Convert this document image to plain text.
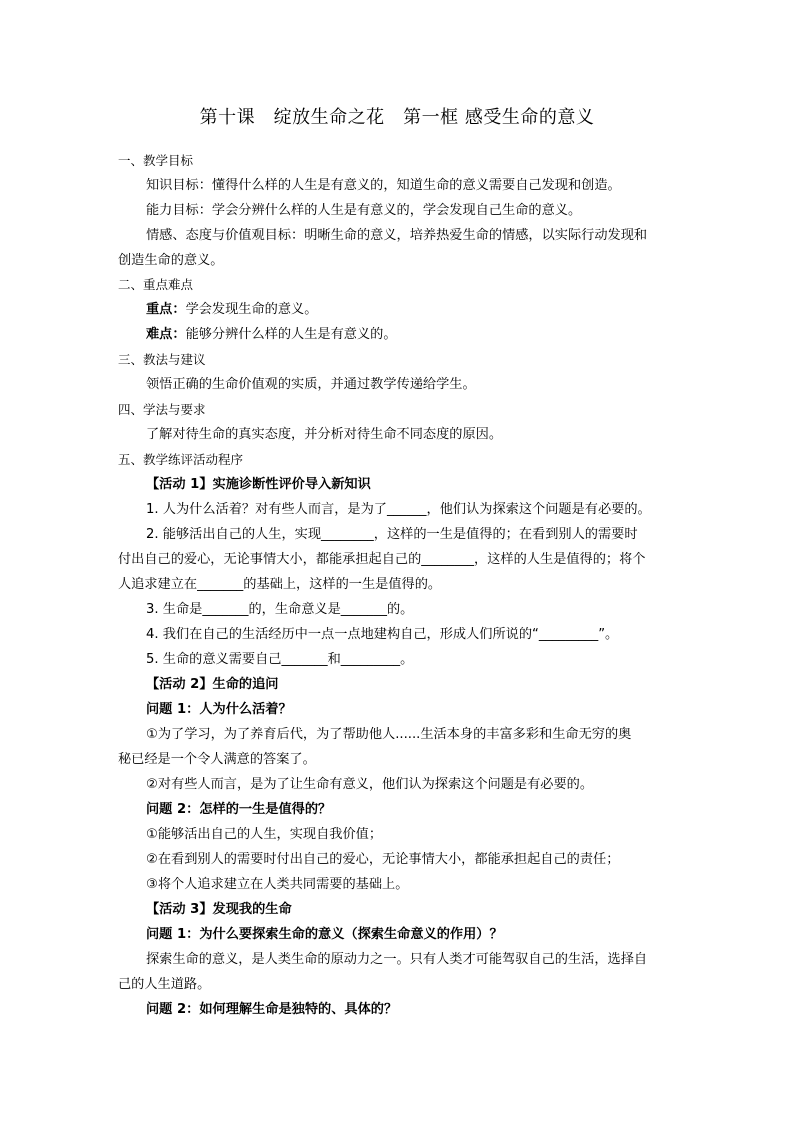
第十课　绽放生命之花　第一框 感受生命的意义
一、教学目标
知识目标：懂得什么样的人生是有意义的，知道生命的意义需要自己发现和创造。
能力目标：学会分辨什么样的人生是有意义的，学会发现自己生命的意义。
情感、态度与价值观目标：明晰生命的意义，培养热爱生命的情感，以实际行动发现和
创造生命的意义。
二、重点难点
重点：学会发现生命的意义。
难点：能够分辨什么样的人生是有意义的。
三、教法与建议
领悟正确的生命价值观的实质，并通过教学传递给学生。
四、学法与要求
了解对待生命的真实态度，并分析对待生命不同态度的原因。
五、教学练评活动程序
【活动 1】实施诊断性评价导入新知识
1. 人为什么活着？对有些人而言，是为了______，他们认为探索这个问题是有必要的。
2. 能够活出自己的人生，实现________，这样的一生是值得的；在看到别人的需要时
付出自己的爱心，无论事情大小，都能承担起自己的________，这样的人生是值得的；将个
人追求建立在_______的基础上，这样的一生是值得的。
3. 生命是_______的，生命意义是_______的。
4. 我们在自己的生活经历中一点一点地建构自己，形成人们所说的“_________”。
5. 生命的意义需要自己_______和_________。
【活动 2】生命的追问
问题 1：人为什么活着？
①为了学习，为了养育后代，为了帮助他人......生活本身的丰富多彩和生命无穷的奥
秘已经是一个令人满意的答案了。
②对有些人而言，是为了让生命有意义，他们认为探索这个问题是有必要的。
问题 2：怎样的一生是值得的？
①能够活出自己的人生，实现自我价值；
②在看到别人的需要时付出自己的爱心，无论事情大小，都能承担起自己的责任；
③将个人追求建立在人类共同需要的基础上。
【活动 3】发现我的生命
问题 1：为什么要探索生命的意义（探索生命意义的作用）？
探索生命的意义，是人类生命的原动力之一。只有人类才可能驾驭自己的生活，选择自
己的人生道路。
问题 2：如何理解生命是独特的、具体的？
